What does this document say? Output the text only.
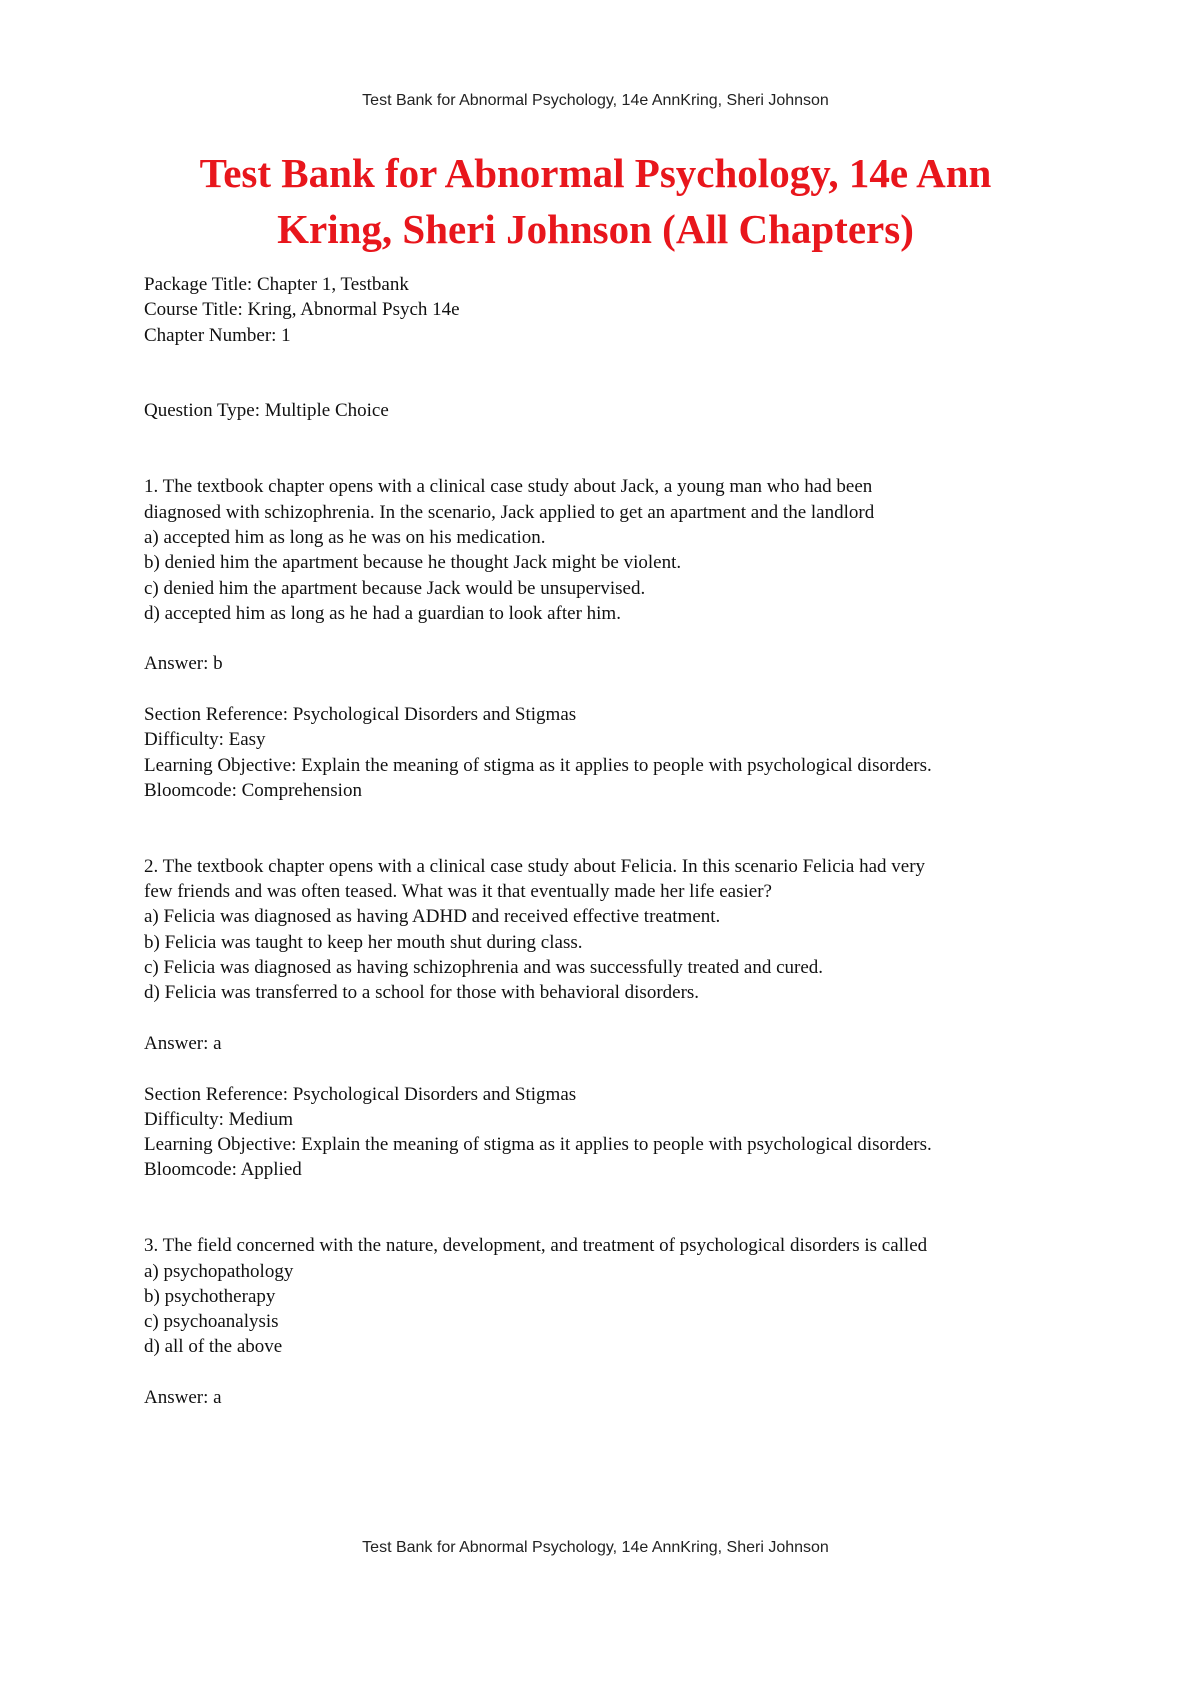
Test Bank for Abnormal Psychology, 14e AnnKring, Sheri Johnson
Test Bank for Abnormal Psychology, 14e Ann
Kring, Sheri Johnson (All Chapters)

Package Title: Chapter 1, Testbank

Course Title: Kring, Abnormal Psych 14e

Chapter Number: 1

Question Type: Multiple Choice

1. The textbook chapter opens with a clinical case study about Jack, a young man who had been

diagnosed with schizophrenia. In the scenario, Jack applied to get an apartment and the landlord

a) accepted him as long as he was on his medication.

b) denied him the apartment because he thought Jack might be violent.

c) denied him the apartment because Jack would be unsupervised.

d) accepted him as long as he had a guardian to look after him.

Answer: b

Section Reference: Psychological Disorders and Stigmas

Difficulty: Easy

Learning Objective: Explain the meaning of stigma as it applies to people with psychological disorders.

Bloomcode: Comprehension

2. The textbook chapter opens with a clinical case study about Felicia. In this scenario Felicia had very

few friends and was often teased. What was it that eventually made her life easier?

a) Felicia was diagnosed as having ADHD and received effective treatment.

b) Felicia was taught to keep her mouth shut during class.

c) Felicia was diagnosed as having schizophrenia and was successfully treated and cured.

d) Felicia was transferred to a school for those with behavioral disorders.

Answer: a

Section Reference: Psychological Disorders and Stigmas

Difficulty: Medium

Learning Objective: Explain the meaning of stigma as it applies to people with psychological disorders.

Bloomcode: Applied

3. The field concerned with the nature, development, and treatment of psychological disorders is called

a) psychopathology

b) psychotherapy

c) psychoanalysis

d) all of the above

Answer: a

Test Bank for Abnormal Psychology, 14e AnnKring, Sheri Johnson
